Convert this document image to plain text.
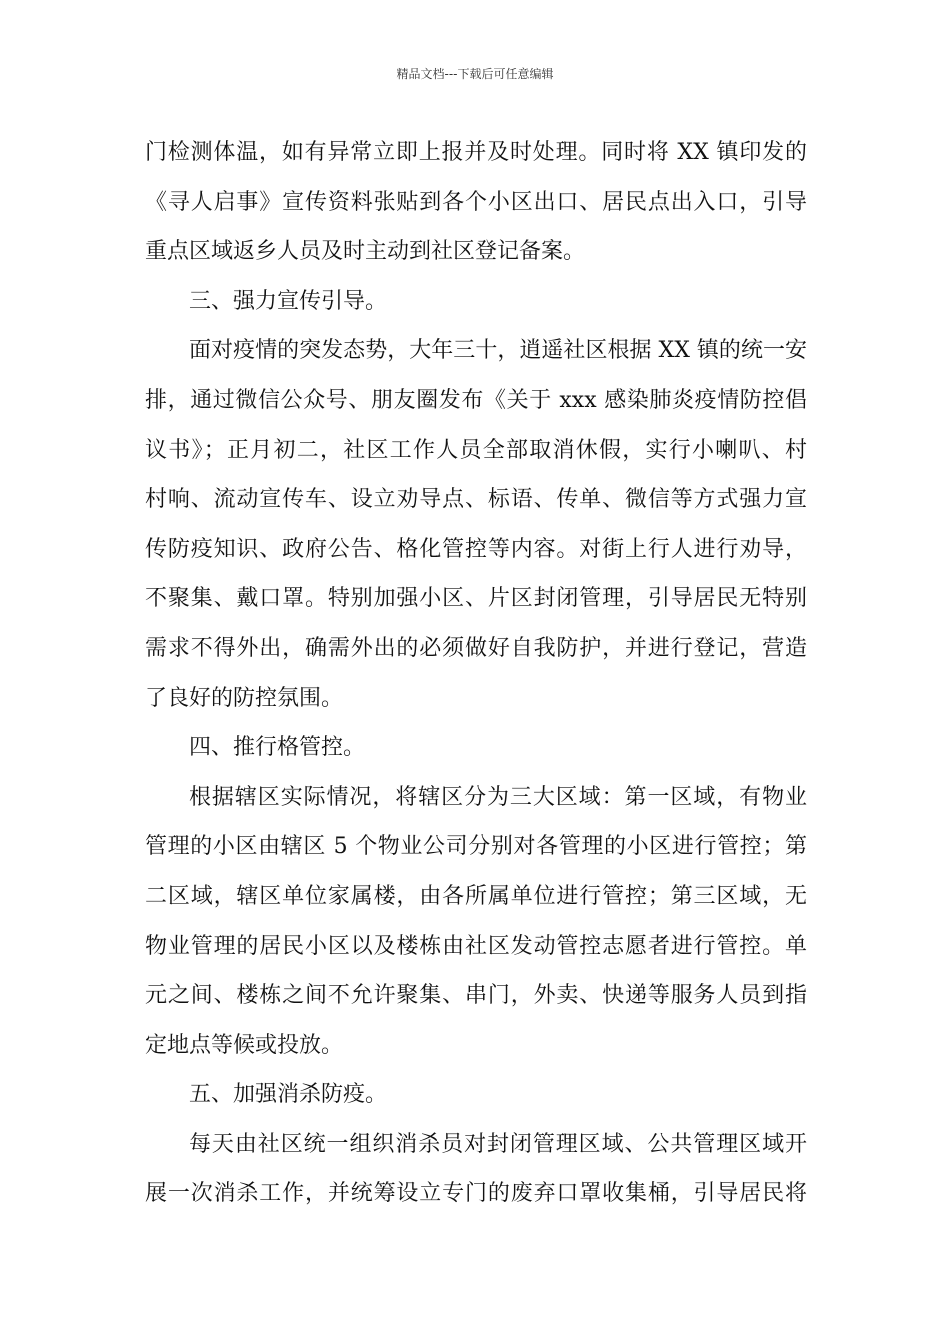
精品文档---下载后可任意编辑
门检测体温，如有异常立即上报并及时处理。同时将 XX 镇印发的
《寻人启事》宣传资料张贴到各个小区出口、居民点出入口，引导
重点区域返乡人员及时主动到社区登记备案。
三、强力宣传引导。
面对疫情的突发态势，大年三十，逍遥社区根据 XX 镇的统一安
排，通过微信公众号、朋友圈发布《关于 xxx 感染肺炎疫情防控倡
议书》；正月初二，社区工作人员全部取消休假，实行小喇叭、村
村响、流动宣传车、设立劝导点、标语、传单、微信等方式强力宣
传防疫知识、政府公告、格化管控等内容。对街上行人进行劝导，
不聚集、戴口罩。特别加强小区、片区封闭管理，引导居民无特别
需求不得外出，确需外出的必须做好自我防护，并进行登记，营造
了良好的防控氛围。
四、推行格管控。
根据辖区实际情况，将辖区分为三大区域：第一区域，有物业
管理的小区由辖区 5 个物业公司分别对各管理的小区进行管控；第
二区域，辖区单位家属楼，由各所属单位进行管控；第三区域，无
物业管理的居民小区以及楼栋由社区发动管控志愿者进行管控。单
元之间、楼栋之间不允许聚集、串门，外卖、快递等服务人员到指
定地点等候或投放。
五、加强消杀防疫。
每天由社区统一组织消杀员对封闭管理区域、公共管理区域开
展一次消杀工作，并统筹设立专门的废弃口罩收集桶，引导居民将
